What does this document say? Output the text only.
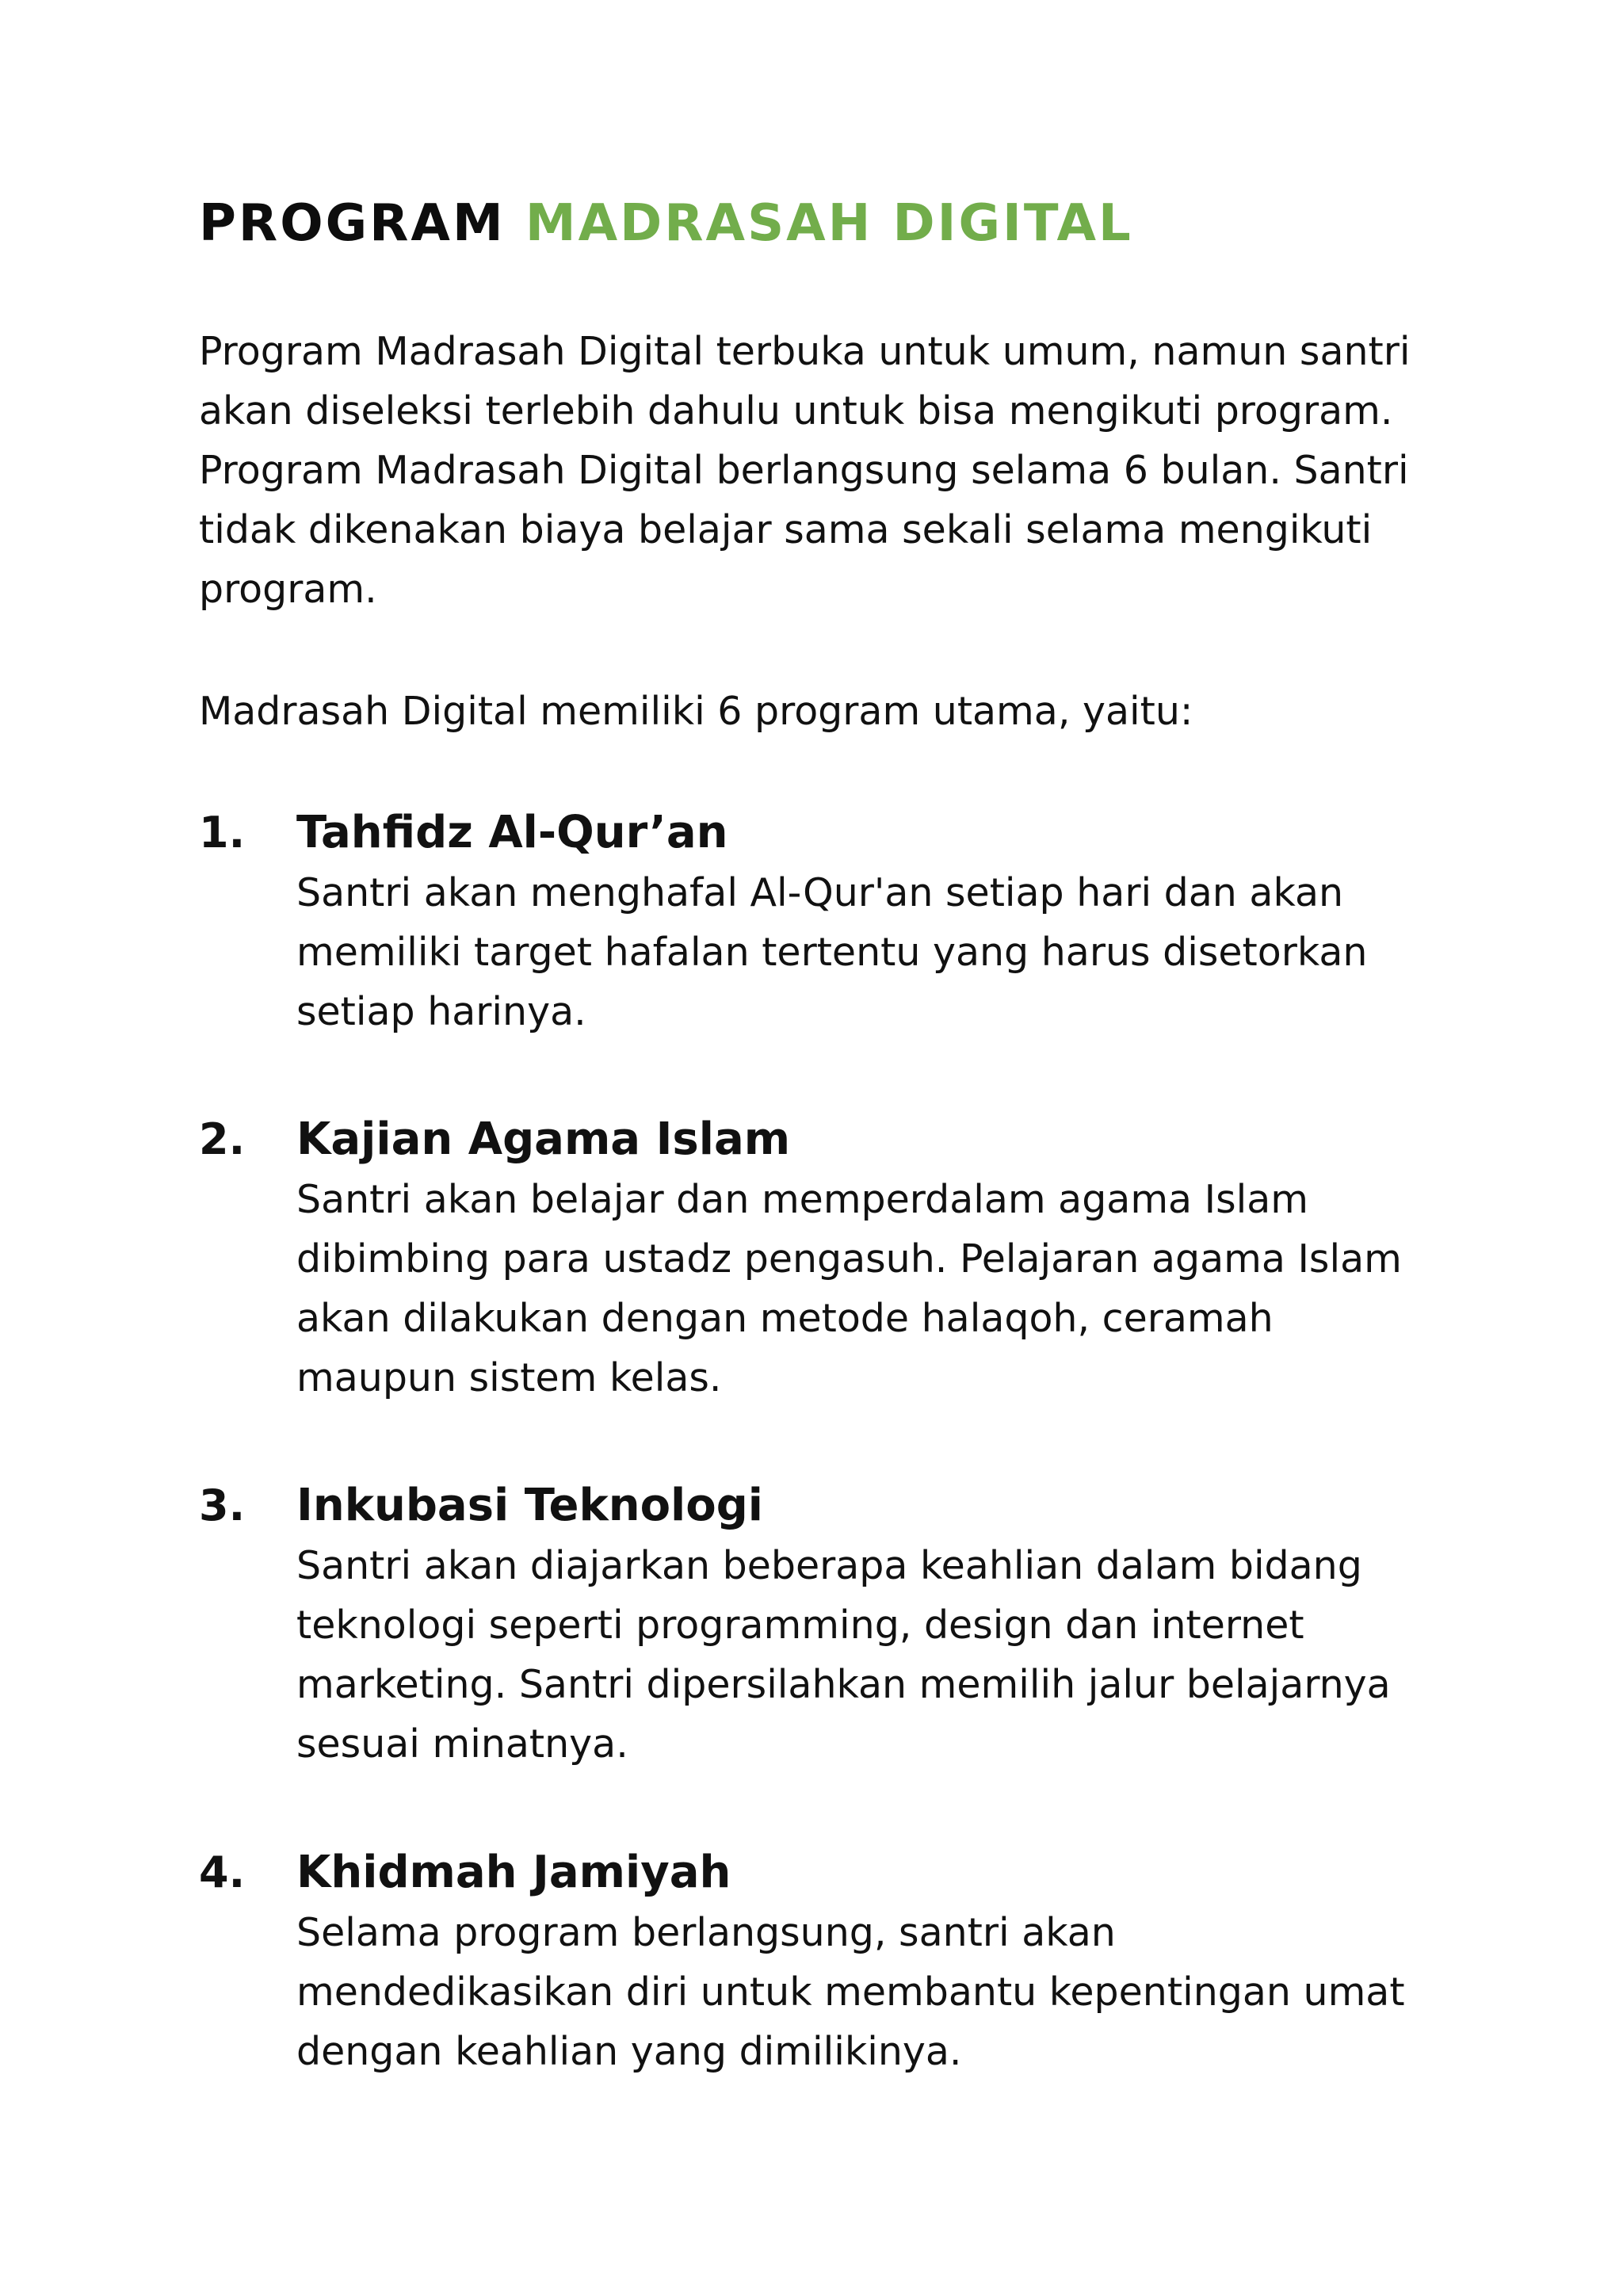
PROGRAM MADRASAH DIGITAL

Program Madrasah Digital terbuka untuk umum, namun santri akan diseleksi terlebih dahulu untuk bisa mengikuti program. Program Madrasah Digital berlangsung selama 6 bulan. Santri tidak dikenakan biaya belajar sama sekali selama mengikuti program.

Madrasah Digital memiliki 6 program utama, yaitu:

1. Tahfidz Al-Qur’an

Santri akan menghafal Al-Qur'an setiap hari dan akan memiliki target hafalan tertentu yang harus disetorkan setiap harinya.

2. Kajian Agama Islam

Santri akan belajar dan memperdalam agama Islam dibimbing para ustadz pengasuh. Pelajaran agama Islam akan dilakukan dengan metode halaqoh, ceramah maupun sistem kelas.

3. Inkubasi Teknologi

Santri akan diajarkan beberapa keahlian dalam bidang teknologi seperti programming, design dan internet marketing. Santri dipersilahkan memilih jalur belajarnya sesuai minatnya.

4. Khidmah Jamiyah

Selama program berlangsung, santri akan mendedikasikan diri untuk membantu kepentingan umat dengan keahlian yang dimilikinya.
